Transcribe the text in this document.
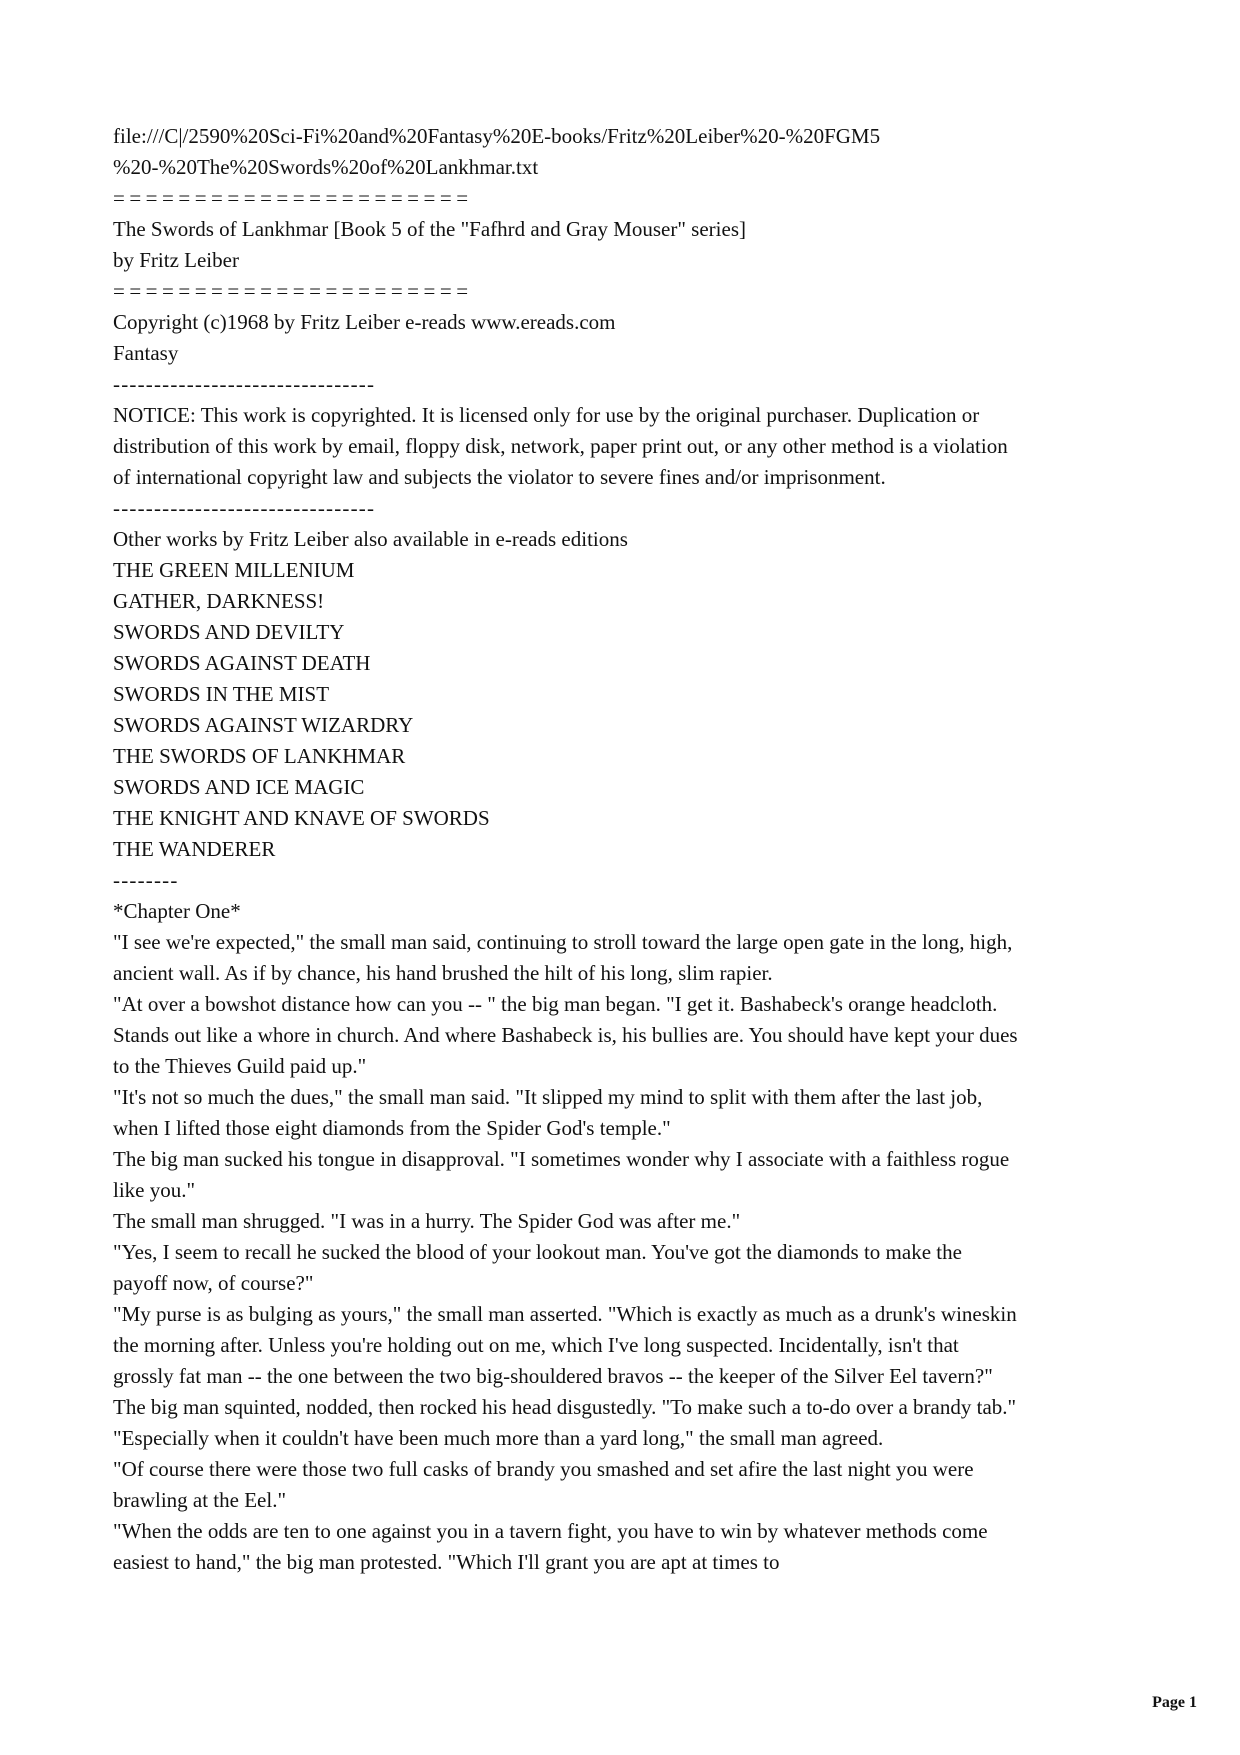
file:///C|/2590%20Sci-Fi%20and%20Fantasy%20E-books/Fritz%20Leiber%20-%20FGM5

%20-%20The%20Swords%20of%20Lankhmar.txt

======================

The Swords of Lankhmar [Book 5 of the "Fafhrd and Gray Mouser" series]

by Fritz Leiber

======================

Copyright (c)1968 by Fritz Leiber e-reads www.ereads.com

Fantasy

--------------------------------

NOTICE: This work is copyrighted. It is licensed only for use by the original purchaser. Duplication or distribution of this work by email, floppy disk, network, paper print out, or any other method is a violation of international copyright law and subjects the violator to severe fines and/or imprisonment.

--------------------------------

Other works by Fritz Leiber also available in e-reads editions

THE GREEN MILLENIUM

GATHER, DARKNESS!

SWORDS AND DEVILTY

SWORDS AGAINST DEATH

SWORDS IN THE MIST

SWORDS AGAINST WIZARDRY

THE SWORDS OF LANKHMAR

SWORDS AND ICE MAGIC

THE KNIGHT AND KNAVE OF SWORDS

THE WANDERER

--------

*Chapter One*

"I see we're expected," the small man said, continuing to stroll toward the large open gate in the long, high, ancient wall. As if by chance, his hand brushed the hilt of his long, slim rapier.

"At over a bowshot distance how can you -- " the big man began. "I get it. Bashabeck's orange headcloth. Stands out like a whore in church. And where Bashabeck is, his bullies are. You should have kept your dues to the Thieves Guild paid up."

"It's not so much the dues," the small man said. "It slipped my mind to split with them after the last job, when I lifted those eight diamonds from the Spider God's temple."

The big man sucked his tongue in disapproval. "I sometimes wonder why I associate with a faithless rogue like you."

The small man shrugged. "I was in a hurry. The Spider God was after me."

"Yes, I seem to recall he sucked the blood of your lookout man. You've got the diamonds to make the payoff now, of course?"

"My purse is as bulging as yours," the small man asserted. "Which is exactly as much as a drunk's wineskin the morning after. Unless you're holding out on me, which I've long suspected. Incidentally, isn't that grossly fat man -- the one between the two big-shouldered bravos -- the keeper of the Silver Eel tavern?"

The big man squinted, nodded, then rocked his head disgustedly. "To make such a to-do over a brandy tab."

"Especially when it couldn't have been much more than a yard long," the small man agreed.

"Of course there were those two full casks of brandy you smashed and set afire the last night you were brawling at the Eel."

"When the odds are ten to one against you in a tavern fight, you have to win by whatever methods come easiest to hand," the big man protested. "Which I'll grant you are apt at times to

Page 1
